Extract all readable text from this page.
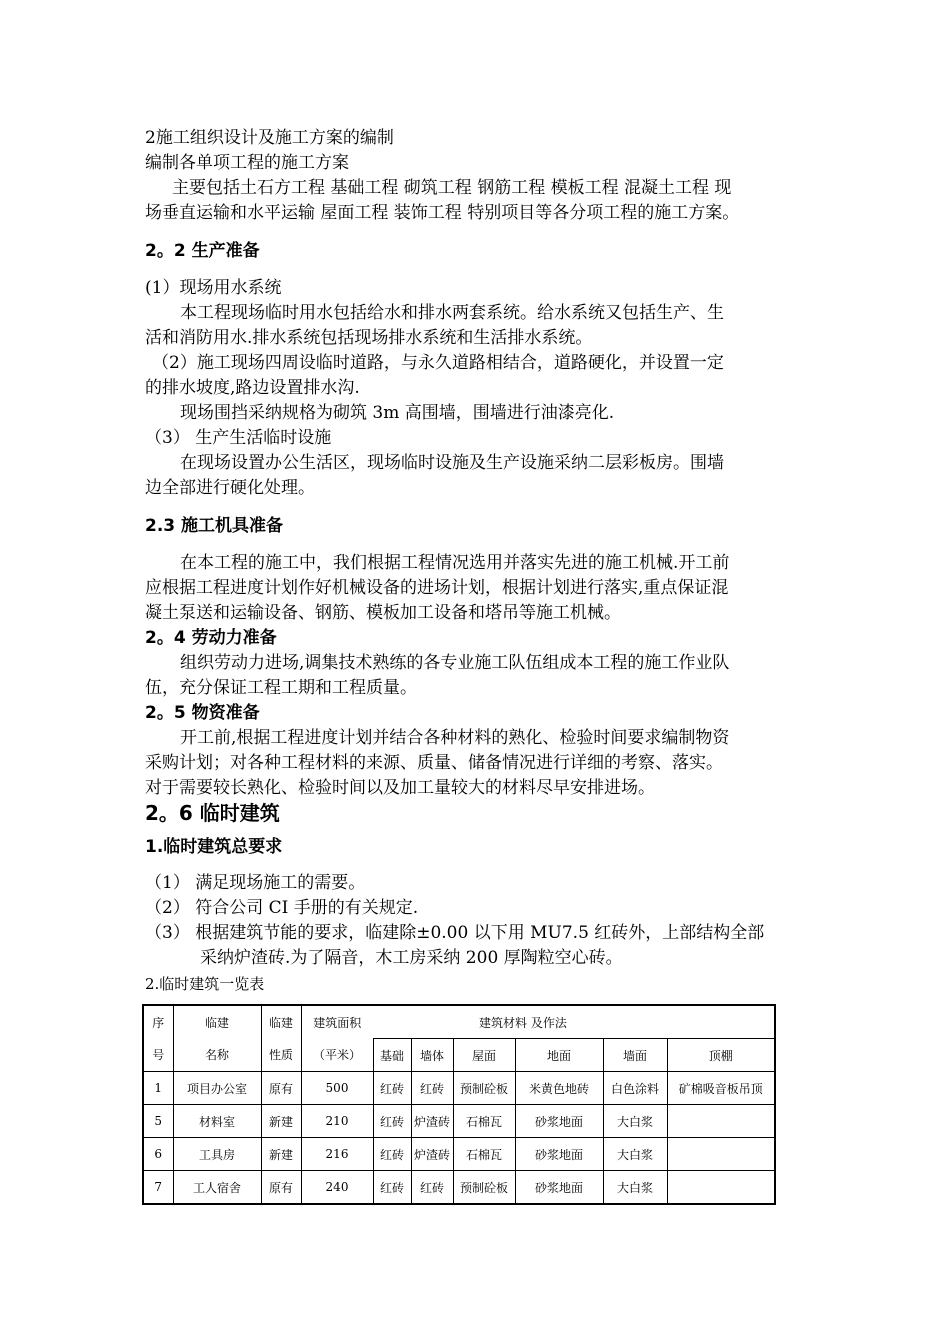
2施工组织设计及施工方案的编制
编制各单项工程的施工方案
主要包括土石方工程 基础工程 砌筑工程 钢筋工程 模板工程 混凝土工程 现
场垂直运输和水平运输 屋面工程 装饰工程 特别项目等各分项工程的施工方案。
2。2 生产准备
(1）现场用水系统
本工程现场临时用水包括给水和排水两套系统。给水系统又包括生产、生
活和消防用水.排水系统包括现场排水系统和生活排水系统。
（2）施工现场四周设临时道路，与永久道路相结合，道路硬化，并设置一定
的排水坡度,路边设置排水沟.
现场围挡采纳规格为砌筑 3m 高围墙，围墙进行油漆亮化.
（3） 生产生活临时设施
在现场设置办公生活区，现场临时设施及生产设施采纳二层彩板房。围墙
边全部进行硬化处理。
2.3 施工机具准备
在本工程的施工中，我们根据工程情况选用并落实先进的施工机械.开工前
应根据工程进度计划作好机械设备的进场计划，根据计划进行落实,重点保证混
凝土泵送和运输设备、钢筋、模板加工设备和塔吊等施工机械。
2。4 劳动力准备
组织劳动力进场,调集技术熟练的各专业施工队伍组成本工程的施工作业队
伍，充分保证工程工期和工程质量。
2。5 物资准备
开工前,根据工程进度计划并结合各种材料的熟化、检验时间要求编制物资
采购计划；对各种工程材料的来源、质量、储备情况进行详细的考察、落实。
对于需要较长熟化、检验时间以及加工量较大的材料尽早安排进场。
2。6 临时建筑
1.临时建筑总要求
（1） 满足现场施工的需要。
（2） 符合公司 CI 手册的有关规定.
（3） 根据建筑节能的要求，临建除±0.00 以下用 MU7.5 红砖外，上部结构全部
采纳炉渣砖.为了隔音，木工房采纳 200 厚陶粒空心砖。
2.临时建筑一览表
序	临建	临建	建筑面积	建筑材料 及作法					
号	名称	性质	（平米）	基础	墙体	屋面	地面	墙面	顶棚
1	项目办公室	原有	500	红砖	红砖	预制砼板	米黄色地砖	白色涂料	矿棉吸音板吊顶
5	材料室	新建	210	红砖	炉渣砖	石棉瓦	砂浆地面	大白浆	
6	工具房	新建	216	红砖	炉渣砖	石棉瓦	砂浆地面	大白浆	
7	工人宿舍	原有	240	红砖	红砖	预制砼板	砂浆地面	大白浆	
